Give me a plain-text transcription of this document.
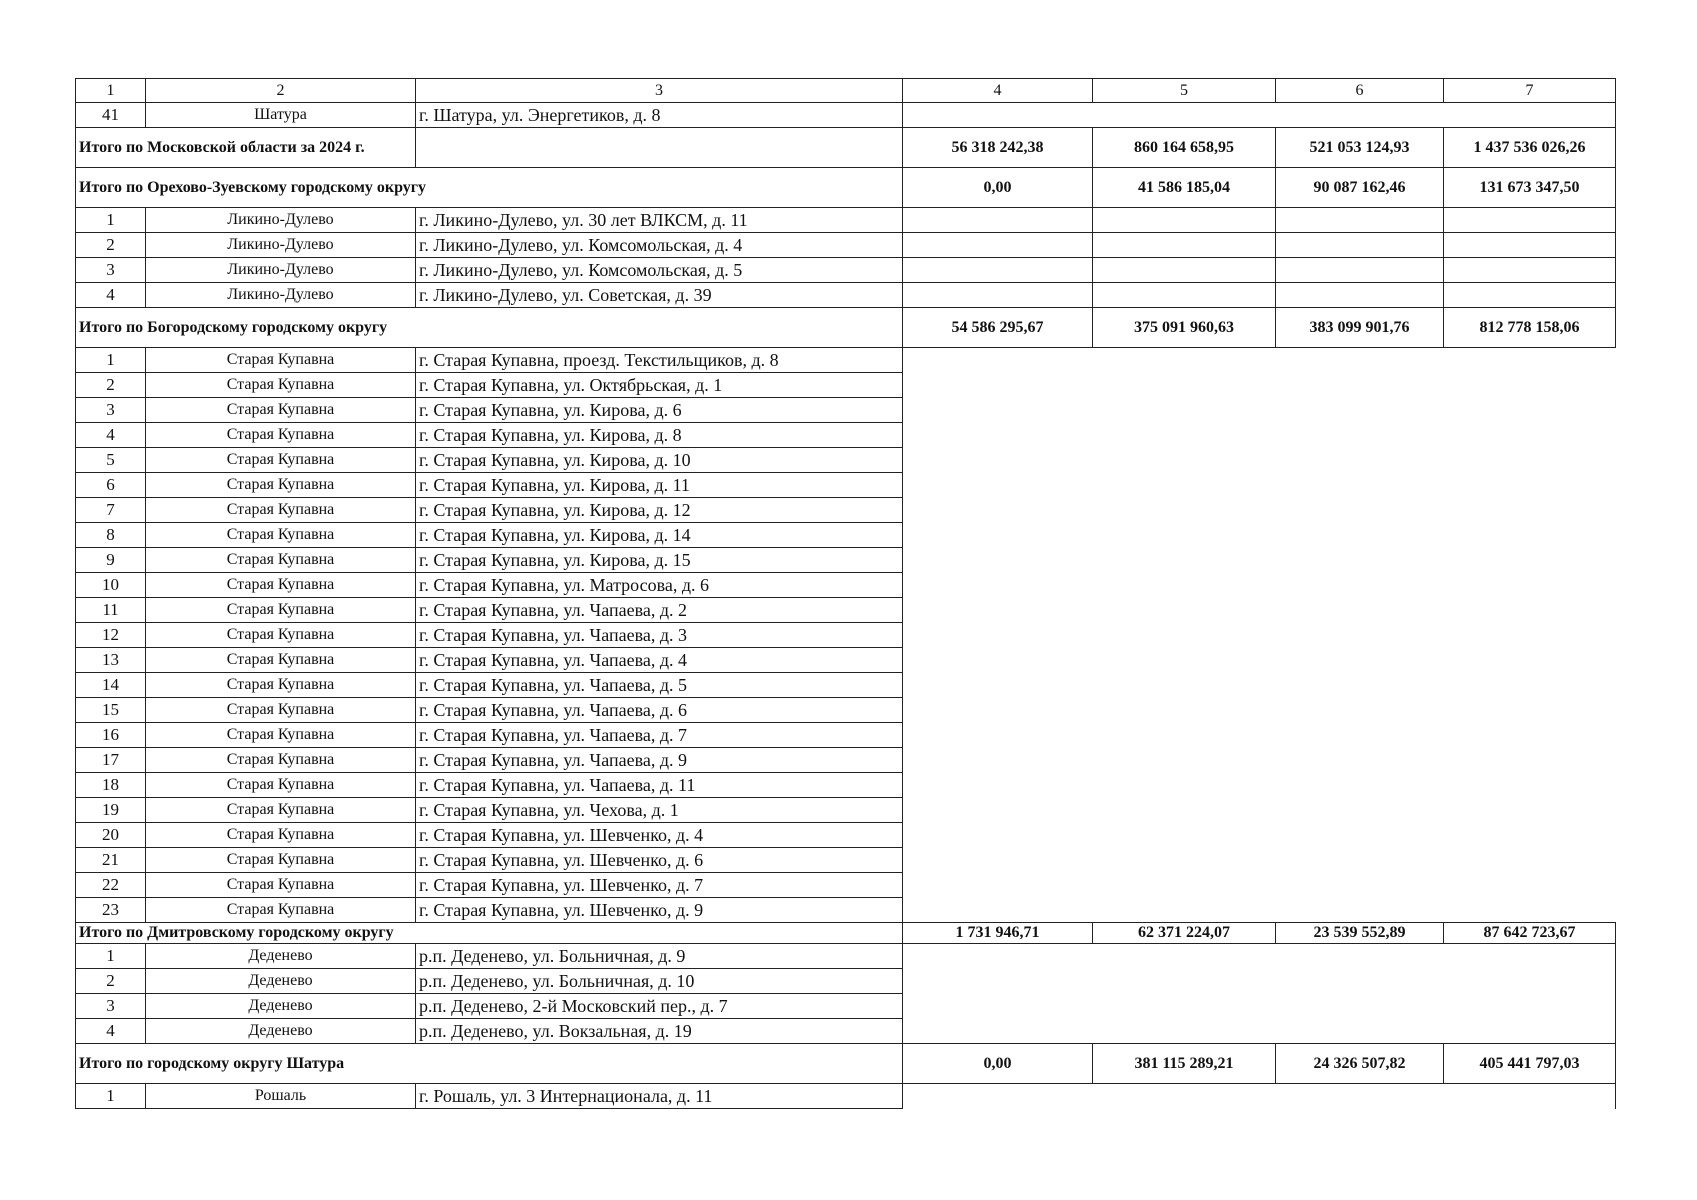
1	2	3	4	5	6	7
41	Шатура	г. Шатура, ул. Энергетиков, д. 8				
Итого по Московской области за 2024 г.			56 318 242,38	860 164 658,95	521 053 124,93	1 437 536 026,26
Итого по Орехово-Зуевскому городскому округу			0,00	41 586 185,04	90 087 162,46	131 673 347,50
1	Ликино-Дулево	г. Ликино-Дулево, ул. 30 лет ВЛКСМ, д. 11				
2	Ликино-Дулево	г. Ликино-Дулево, ул. Комсомольская, д. 4				
3	Ликино-Дулево	г. Ликино-Дулево, ул. Комсомольская, д. 5				
4	Ликино-Дулево	г. Ликино-Дулево, ул. Советская, д. 39				
Итого по Богородскому городскому округу			54 586 295,67	375 091 960,63	383 099 901,76	812 778 158,06
1	Старая Купавна	г. Старая Купавна, проезд. Текстильщиков, д. 8				
2	Старая Купавна	г. Старая Купавна, ул. Октябрьская, д. 1				
3	Старая Купавна	г. Старая Купавна, ул. Кирова, д. 6				
4	Старая Купавна	г. Старая Купавна, ул. Кирова, д. 8				
5	Старая Купавна	г. Старая Купавна, ул. Кирова, д. 10				
6	Старая Купавна	г. Старая Купавна, ул. Кирова, д. 11				
7	Старая Купавна	г. Старая Купавна, ул. Кирова, д. 12				
8	Старая Купавна	г. Старая Купавна, ул. Кирова, д. 14				
9	Старая Купавна	г. Старая Купавна, ул. Кирова, д. 15				
10	Старая Купавна	г. Старая Купавна, ул. Матросова, д. 6				
11	Старая Купавна	г. Старая Купавна, ул. Чапаева, д. 2				
12	Старая Купавна	г. Старая Купавна, ул. Чапаева, д. 3				
13	Старая Купавна	г. Старая Купавна, ул. Чапаева, д. 4				
14	Старая Купавна	г. Старая Купавна, ул. Чапаева, д. 5				
15	Старая Купавна	г. Старая Купавна, ул. Чапаева, д. 6				
16	Старая Купавна	г. Старая Купавна, ул. Чапаева, д. 7				
17	Старая Купавна	г. Старая Купавна, ул. Чапаева, д. 9				
18	Старая Купавна	г. Старая Купавна, ул. Чапаева, д. 11				
19	Старая Купавна	г. Старая Купавна, ул. Чехова, д. 1				
20	Старая Купавна	г. Старая Купавна, ул. Шевченко, д. 4				
21	Старая Купавна	г. Старая Купавна, ул. Шевченко, д. 6				
22	Старая Купавна	г. Старая Купавна, ул. Шевченко, д. 7				
23	Старая Купавна	г. Старая Купавна, ул. Шевченко, д. 9				
Итого по Дмитровскому городскому округу			1 731 946,71	62 371 224,07	23 539 552,89	87 642 723,67
1	Деденево	р.п. Деденево, ул. Больничная, д. 9				
2	Деденево	р.п. Деденево, ул. Больничная, д. 10				
3	Деденево	р.п. Деденево, 2-й Московский пер., д. 7				
4	Деденево	р.п. Деденево, ул. Вокзальная, д. 19				
Итого по городскому округу Шатура			0,00	381 115 289,21	24 326 507,82	405 441 797,03
1	Рошаль	г. Рошаль, ул. 3 Интернационала, д. 11				
